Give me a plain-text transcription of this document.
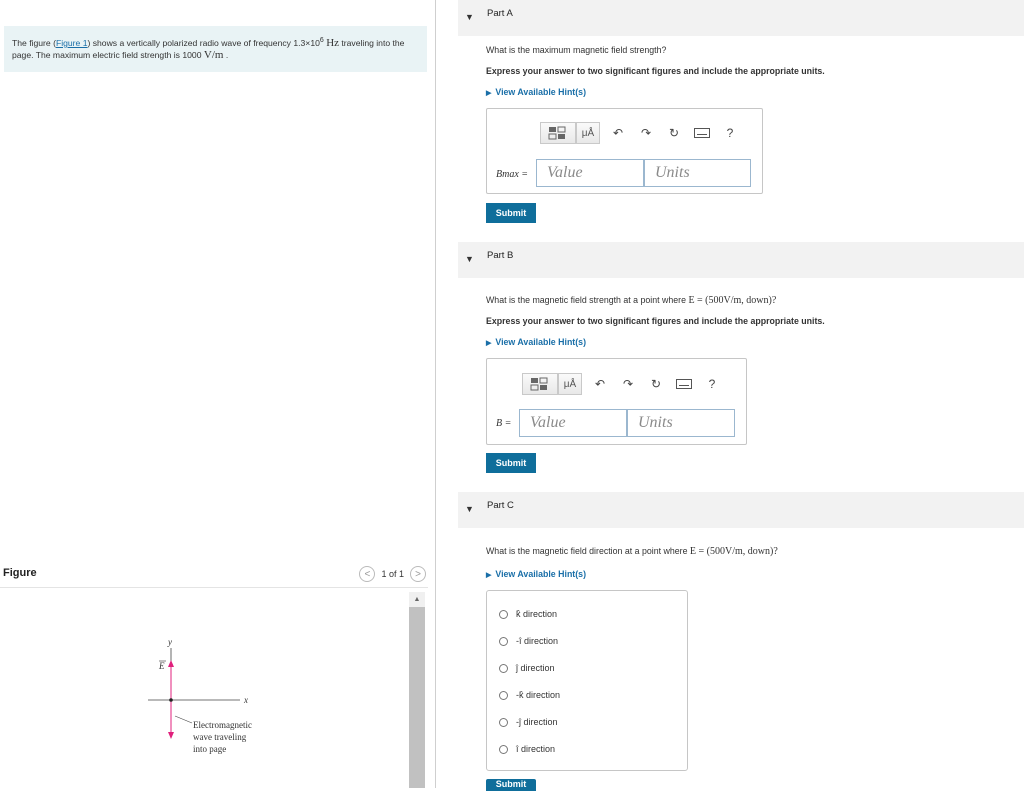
The figure (Figure 1) shows a vertically polarized radio wave of frequency $1.3\times 10^6$ Hz traveling into the page. The maximum electric field strength is 1000 V/m .
Figure	<	1 of 1	>
y
x
E
Electromagnetic
wave traveling
into page
▲
▼ Part A
What is the maximum magnetic field strength?
Express your answer to two significant figures and include the appropriate units.
▶ View Available Hint(s)
μÅ	↶	↷	↻	?
Bmax =	Value	Units
Submit
▼ Part B
What is the magnetic field strength at a point where E = (500V/m, down)?
Express your answer to two significant figures and include the appropriate units.
▶ View Available Hint(s)
μÅ	↶	↷	↻	?
B =	Value	Units
Submit
▼ Part C
What is the magnetic field direction at a point where E = (500V/m, down)?
▶ View Available Hint(s)
k̂ direction
-î direction
ĵ direction
-k̂ direction
-ĵ direction
î direction
Submit
